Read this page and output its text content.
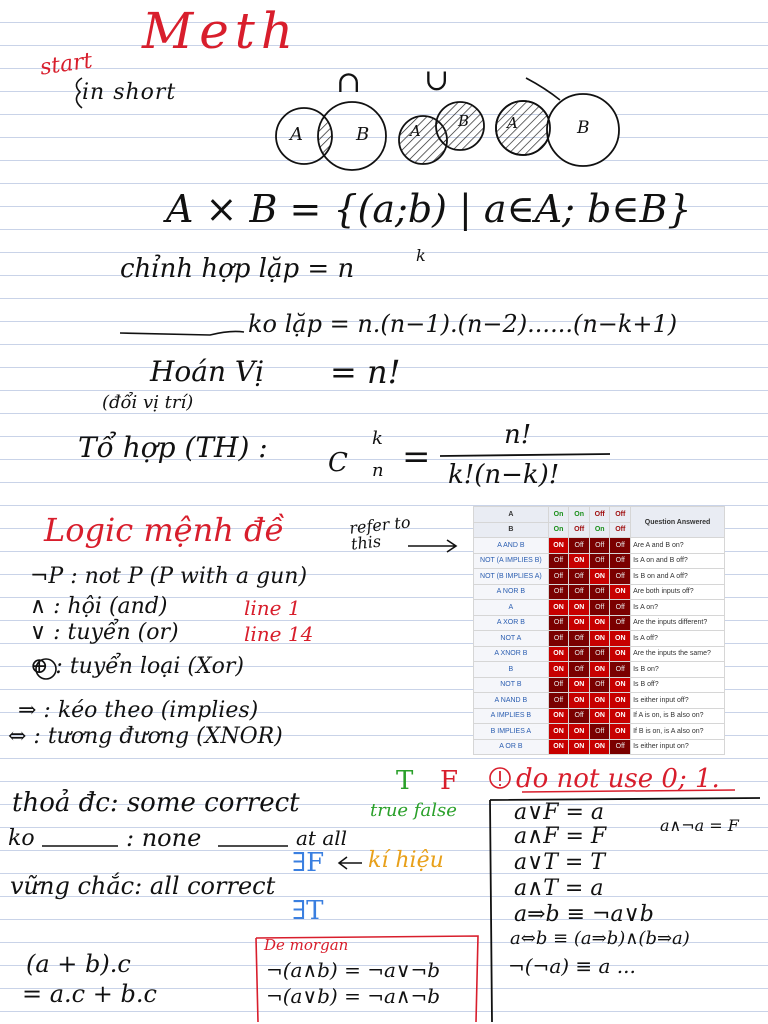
Meth
start
in short	∩ ∪
A	B	A
B	A	B
A × B = {(a;b) | a∈A; b∈B}
chỉnh hợp lặp = n	k
ko lặp = n.(n−1).(n−2)......(n−k+1)
Hoán Vị = n!
(đổi vị trí)
Tổ hợp (TH) : C
k
n =
n!
k!(n−k)!
Logic mệnh đề	refer to this
¬P : not P (P with a gun)
∧ : hội (and)	line 1
∨ : tuyển (or)	line 14
⊕ : tuyển loại (Xor)
⇒ : kéo theo (implies)
⇔ : tương đương (XNOR)
A	On	On	Off	Off	Question Answered
B	On	Off	On	Off	
A AND B	ON	Off	Off	Off	Are A and B on?
NOT (A IMPLIES B)	Off	ON	Off	Off	Is A on and B off?
NOT (B IMPLIES A)	Off	Off	ON	Off	Is B on and A off?
A NOR B	Off	Off	Off	ON	Are both inputs off?
A	ON	ON	Off	Off	Is A on?
A XOR B	Off	ON	ON	Off	Are the inputs different?
NOT A	Off	Off	ON	ON	Is A off?
A XNOR B	ON	Off	Off	ON	Are the inputs the same?
B	ON	Off	ON	Off	Is B on?
NOT B	Off	ON	Off	ON	Is B off?
A NAND B	Off	ON	ON	ON	Is either input off?
A IMPLIES B	ON	Off	ON	ON	If A is on, is B also on?
B IMPLIES A	ON	ON	Off	ON	If B is on, is A also on?
A OR B	ON	ON	ON	Off	Is either input on?
T F
true false
do not use 0; 1.
kí hiệu
thoả đc: some correct
ko	: none	at all
∃F
vững chắc: all correct
∃T
(a + b).c
= a.c + b.c
De morgan
¬(a∧b) = ¬a∨¬b
¬(a∨b) = ¬a∧¬b
a∨F = a
a∧F = F
a∨T = T
a∧T = a
a⇒b ≡ ¬a∨b
a⇔b ≡ (a⇒b)∧(b⇒a)
¬(¬a) ≡ a ...
a∧¬a = F
